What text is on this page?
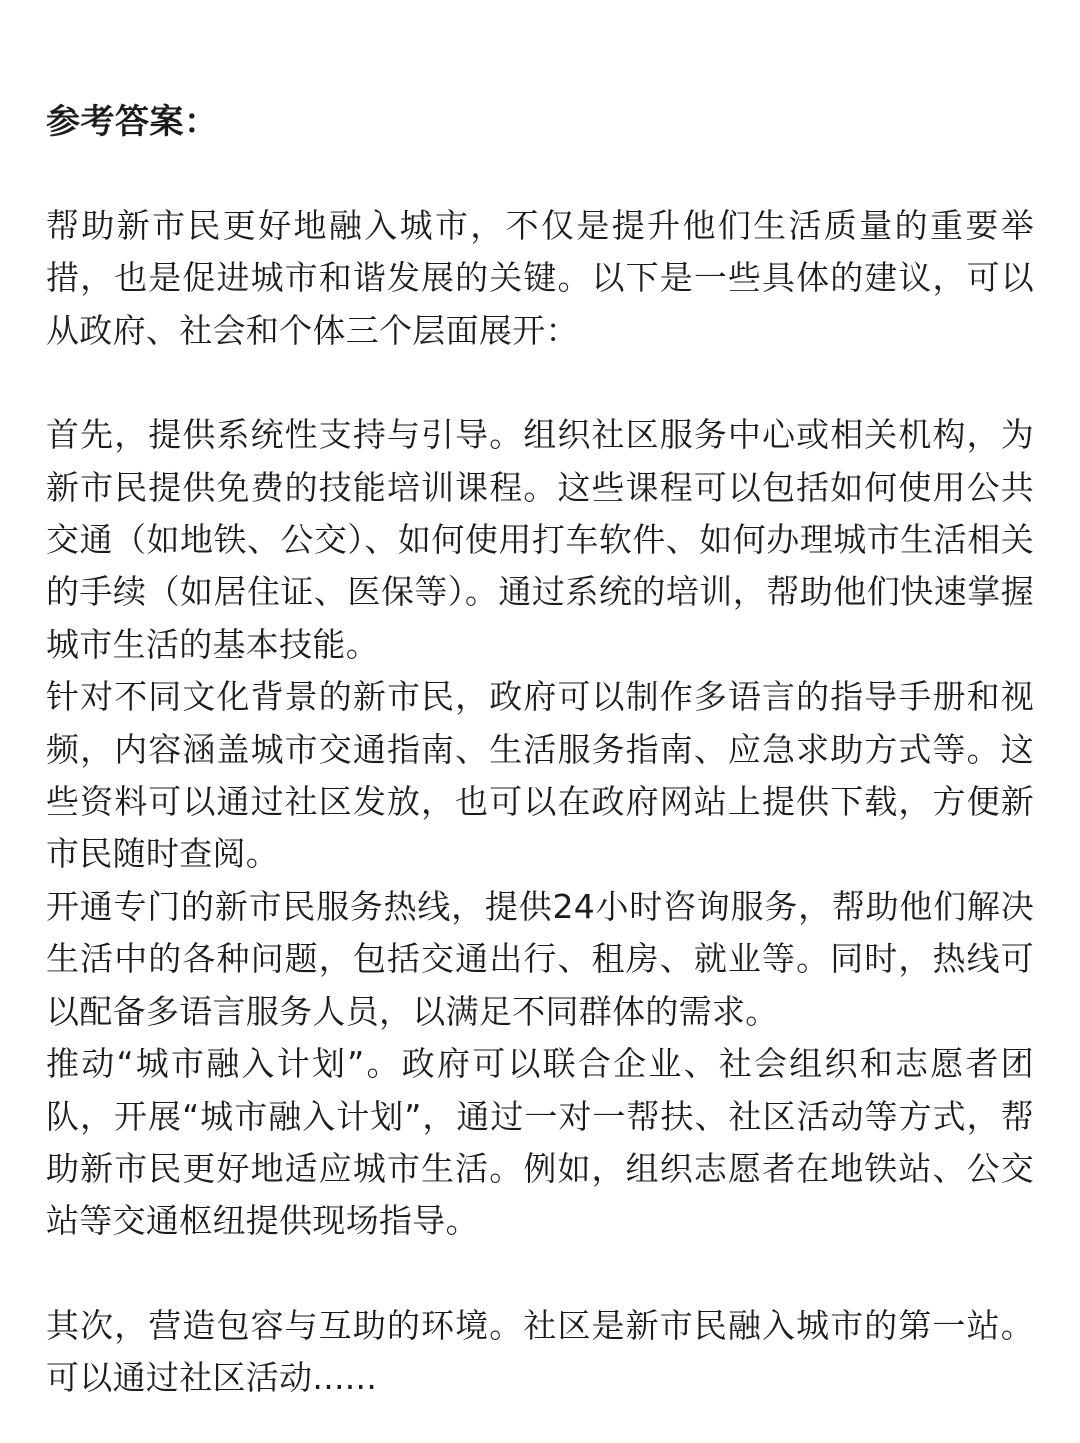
参考答案：

帮助新市民更好地融入城市，不仅是提升他们生活质量的重要举措，也是促进城市和谐发展的关键。以下是一些具体的建议，可以从政府、社会和个体三个层面展开：

首先，提供系统性支持与引导。组织社区服务中心或相关机构，为新市民提供免费的技能培训课程。这些课程可以包括如何使用公共交通（如地铁、公交）、如何使用打车软件、如何办理城市生活相关的手续（如居住证、医保等）。通过系统的培训，帮助他们快速掌握城市生活的基本技能。

针对不同文化背景的新市民，政府可以制作多语言的指导手册和视频，内容涵盖城市交通指南、生活服务指南、应急求助方式等。这些资料可以通过社区发放，也可以在政府网站上提供下载，方便新市民随时查阅。

开通专门的新市民服务热线，提供24小时咨询服务，帮助他们解决生活中的各种问题，包括交通出行、租房、就业等。同时，热线可以配备多语言服务人员，以满足不同群体的需求。

推动“城市融入计划”。政府可以联合企业、社会组织和志愿者团队，开展“城市融入计划”，通过一对一帮扶、社区活动等方式，帮助新市民更好地适应城市生活。例如，组织志愿者在地铁站、公交站等交通枢纽提供现场指导。

其次，营造包容与互助的环境。社区是新市民融入城市的第一站。可以通过社区活动......
